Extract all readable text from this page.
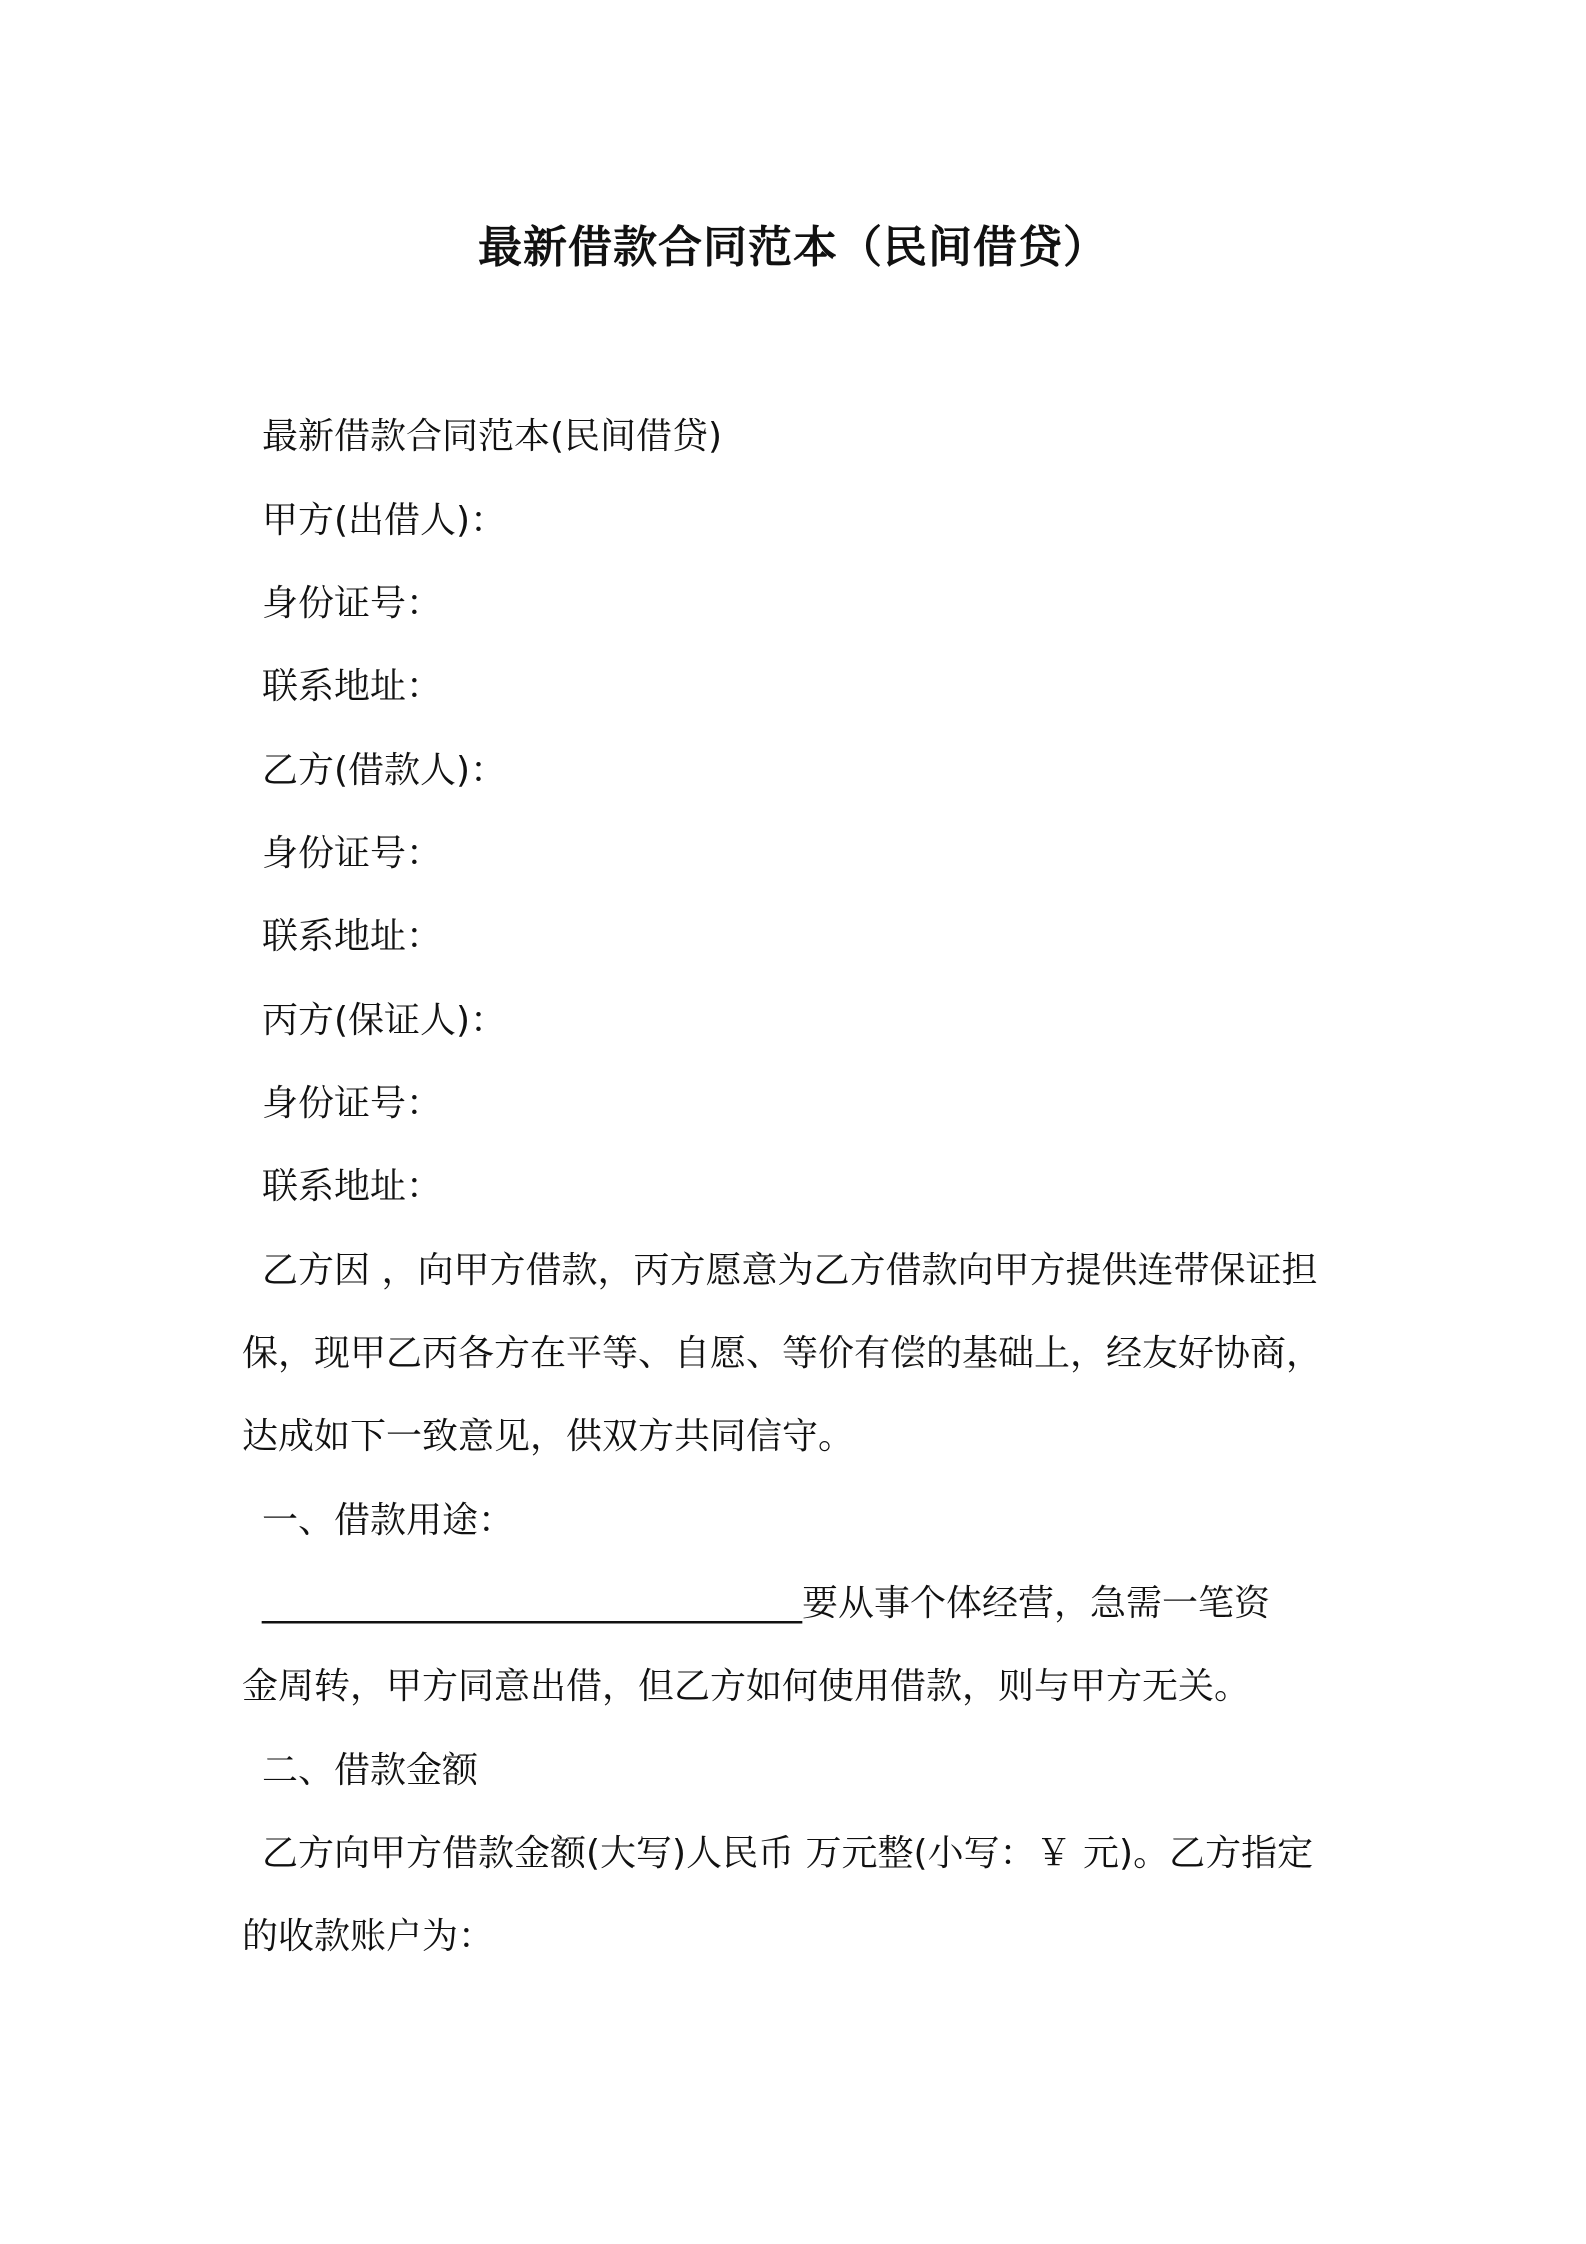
最新借款合同范本（民间借贷）
最新借款合同范本(民间借贷)
甲方(出借人)：
身份证号：
联系地址：
乙方(借款人)：
身份证号：
联系地址：
丙方(保证人)：
身份证号：
联系地址：
乙方因 ，向甲方借款，丙方愿意为乙方借款向甲方提供连带保证担
保，现甲乙丙各方在平等、自愿、等价有偿的基础上，经友好协商，
达成如下一致意见，供双方共同信守。
一、借款用途：
______________________________要从事个体经营，急需一笔资
金周转，甲方同意出借，但乙方如何使用借款，则与甲方无关。
二、借款金额
乙方向甲方借款金额(大写)人民币 万元整(小写：￥ 元)。乙方指定
的收款账户为：
